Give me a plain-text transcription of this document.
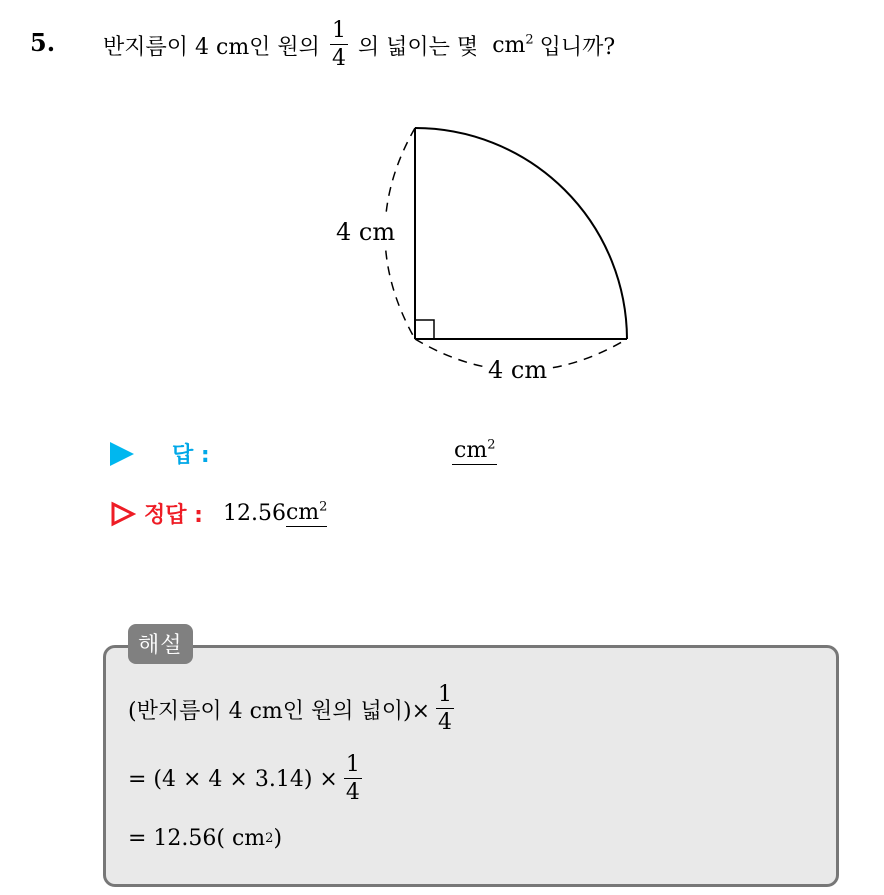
5. 반지름이 4 cm인 원의 $\frac{1}{4}$ 의 넓이는 몇 $cm^2$ 입니까?
4 cm
4 cm
답 :	$cm^2$
정답 : 12.56 $cm^2$
해설
(반지름이 4 cm인 원의 넓이)× $\frac{1}{4}$
= $(4 \times 4 \times 3.14) \times \frac{1}{4}$
= 12.56( cm 2 )
